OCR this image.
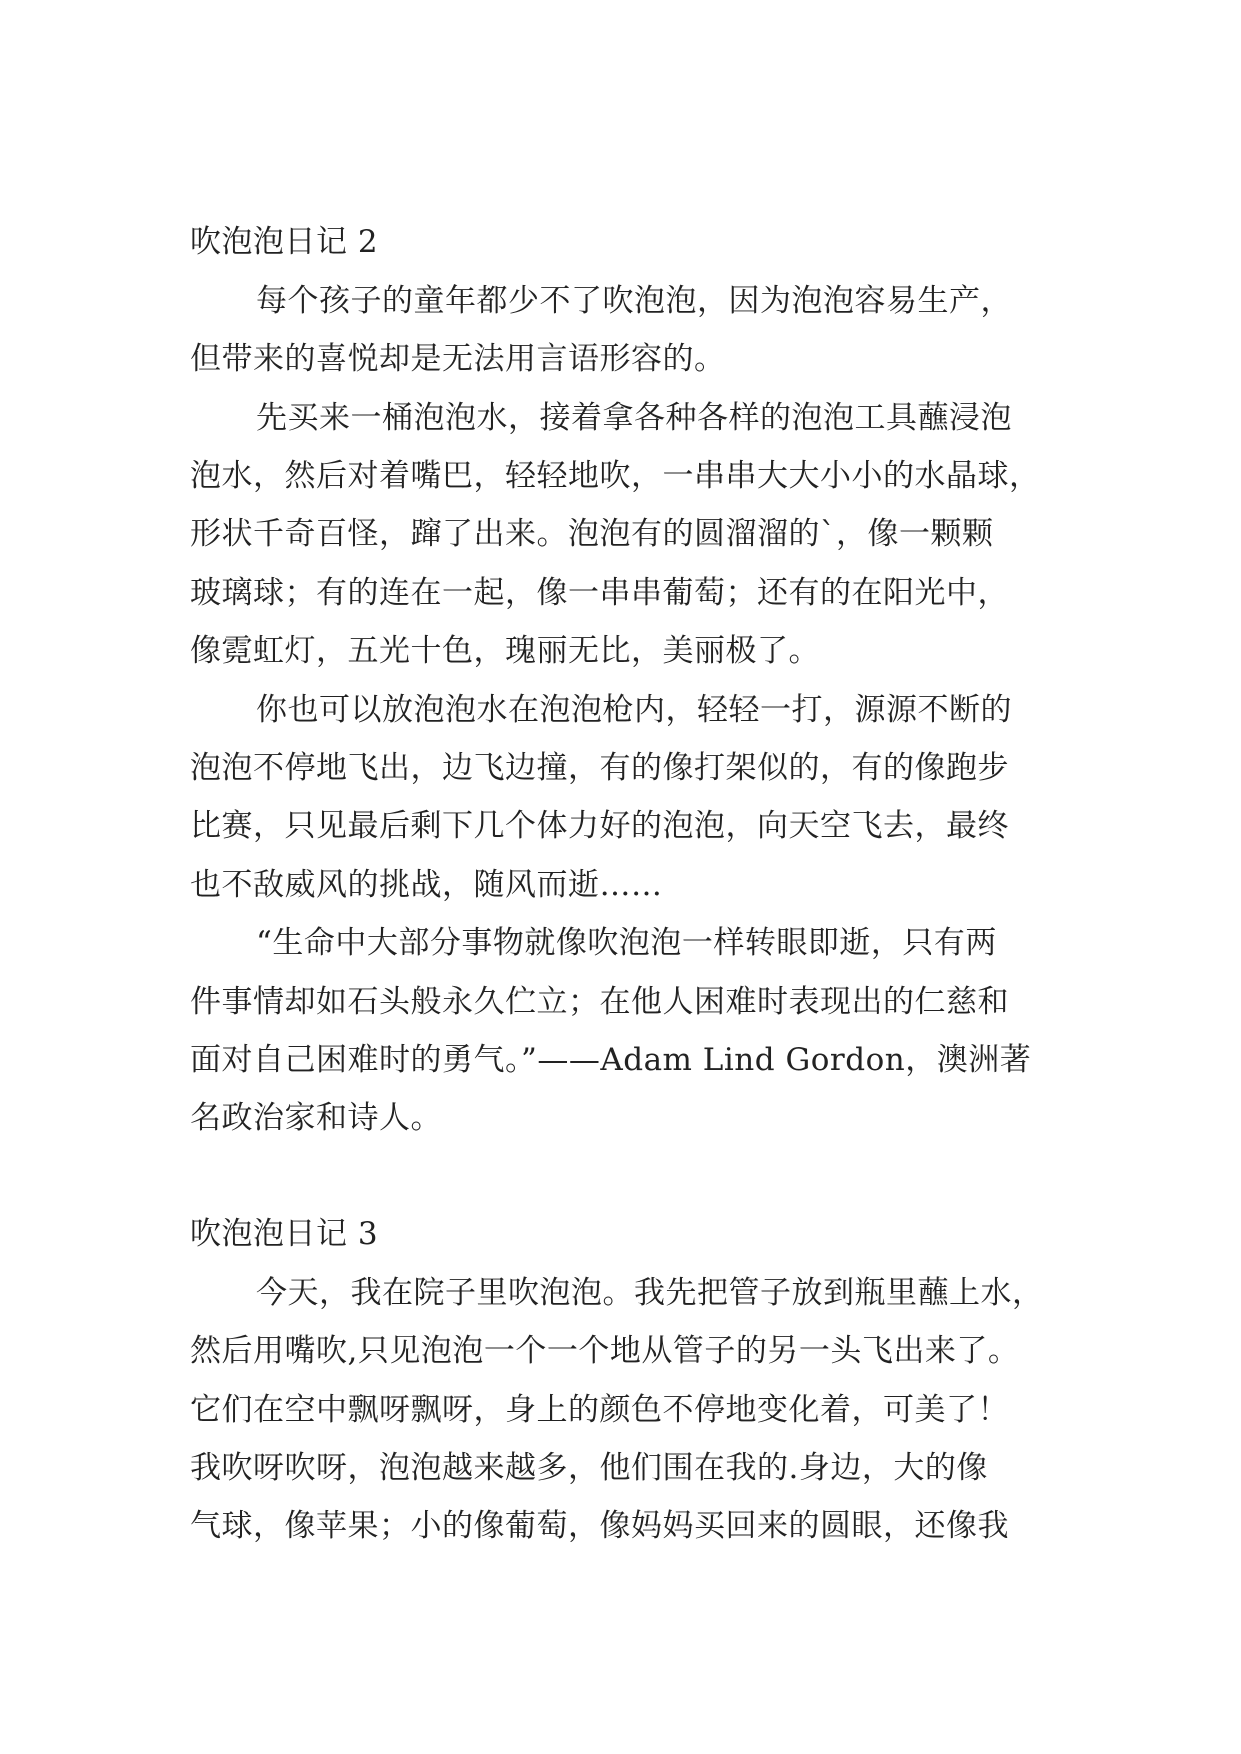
吹泡泡日记 2

每个孩子的童年都少不了吹泡泡，因为泡泡容易生产，

但带来的喜悦却是无法用言语形容的。

先买来一桶泡泡水，接着拿各种各样的泡泡工具蘸浸泡

泡水，然后对着嘴巴，轻轻地吹，一串串大大小小的水晶球，

形状千奇百怪，蹿了出来。泡泡有的圆溜溜的`，像一颗颗

玻璃球；有的连在一起，像一串串葡萄；还有的在阳光中，

像霓虹灯，五光十色，瑰丽无比，美丽极了。

你也可以放泡泡水在泡泡枪内，轻轻一打，源源不断的

泡泡不停地飞出，边飞边撞，有的像打架似的，有的像跑步

比赛，只见最后剩下几个体力好的泡泡，向天空飞去，最终

也不敌威风的挑战，随风而逝……

“生命中大部分事物就像吹泡泡一样转眼即逝，只有两

件事情却如石头般永久伫立；在他人困难时表现出的仁慈和

面对自己困难时的勇气。”——Adam Lind Gordon，澳洲著

名政治家和诗人。

吹泡泡日记 3

今天，我在院子里吹泡泡。我先把管子放到瓶里蘸上水，

然后用嘴吹,只见泡泡一个一个地从管子的另一头飞出来了。

它们在空中飘呀飘呀，身上的颜色不停地变化着，可美了！

我吹呀吹呀，泡泡越来越多，他们围在我的.身边，大的像

气球，像苹果；小的像葡萄，像妈妈买回来的圆眼，还像我
